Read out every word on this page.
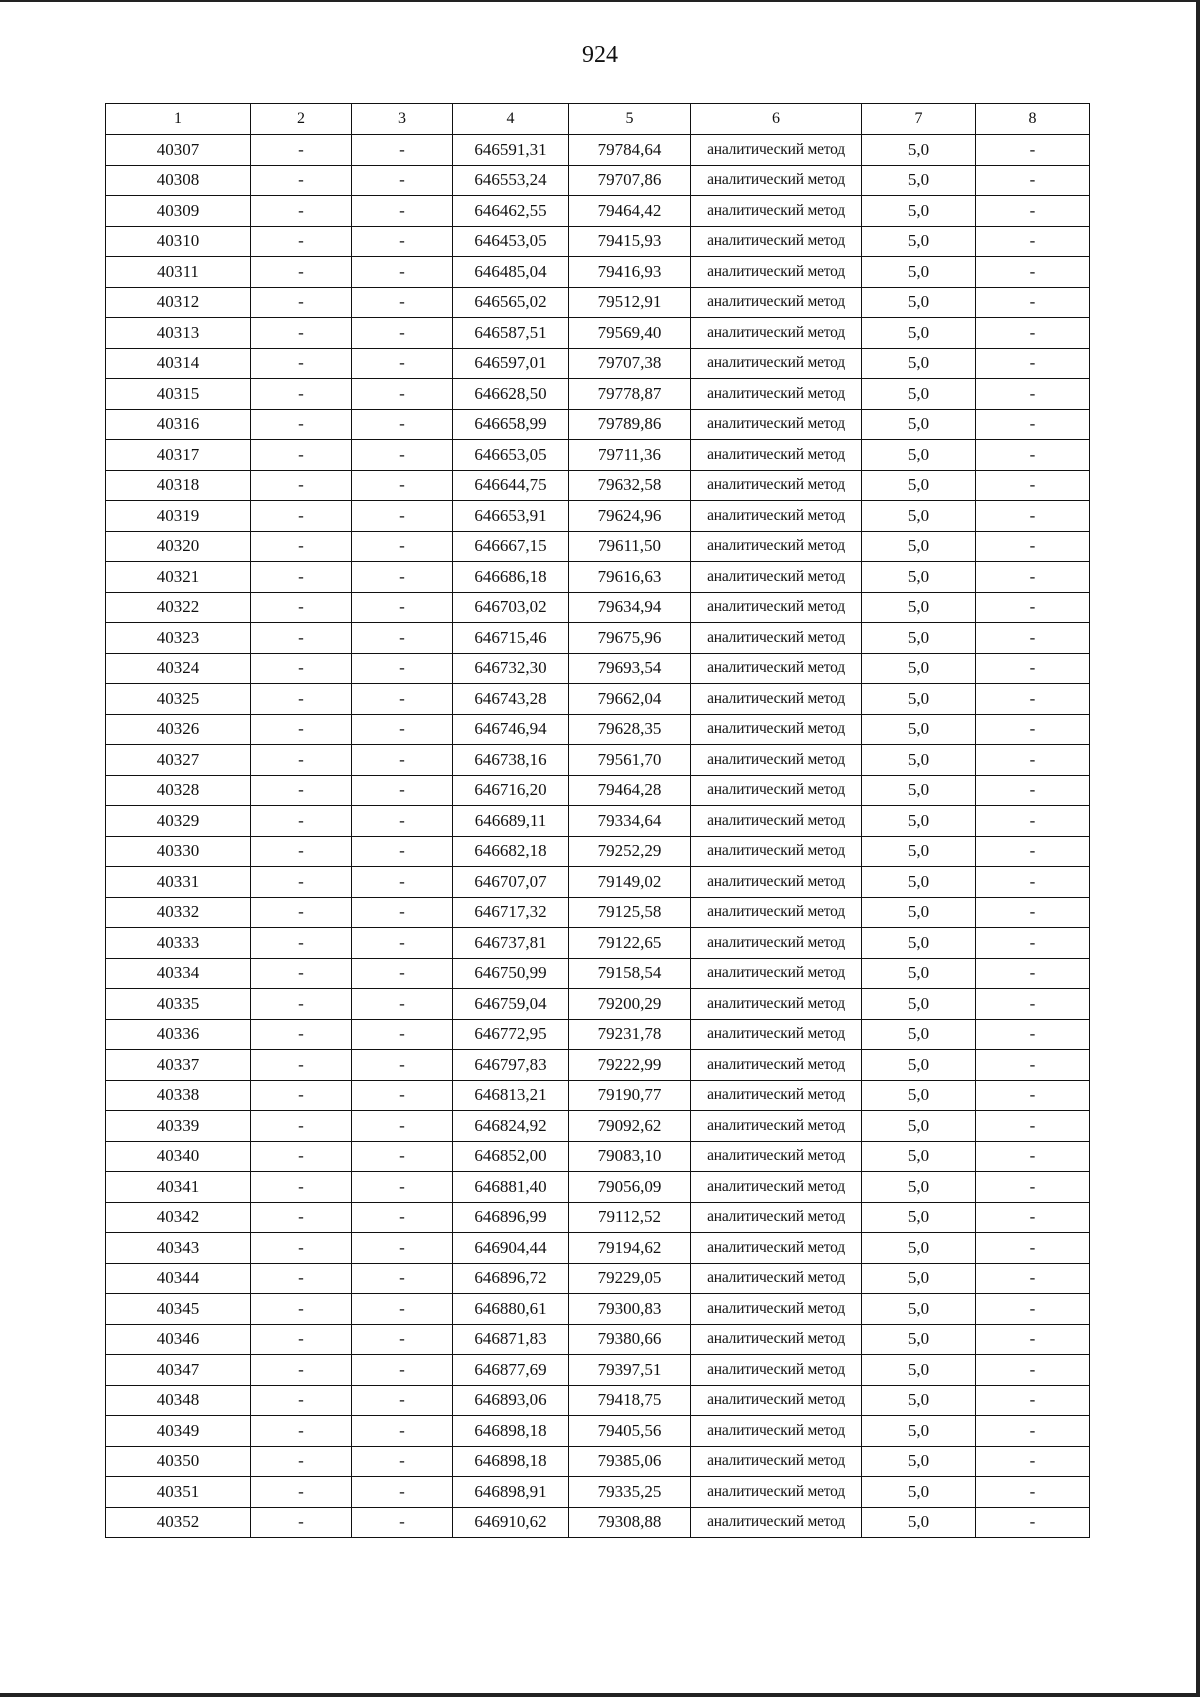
924
1	2	3	4	5	6	7	8
40307	-	-	646591,31	79784,64	аналитический метод	5,0	-
40308	-	-	646553,24	79707,86	аналитический метод	5,0	-
40309	-	-	646462,55	79464,42	аналитический метод	5,0	-
40310	-	-	646453,05	79415,93	аналитический метод	5,0	-
40311	-	-	646485,04	79416,93	аналитический метод	5,0	-
40312	-	-	646565,02	79512,91	аналитический метод	5,0	-
40313	-	-	646587,51	79569,40	аналитический метод	5,0	-
40314	-	-	646597,01	79707,38	аналитический метод	5,0	-
40315	-	-	646628,50	79778,87	аналитический метод	5,0	-
40316	-	-	646658,99	79789,86	аналитический метод	5,0	-
40317	-	-	646653,05	79711,36	аналитический метод	5,0	-
40318	-	-	646644,75	79632,58	аналитический метод	5,0	-
40319	-	-	646653,91	79624,96	аналитический метод	5,0	-
40320	-	-	646667,15	79611,50	аналитический метод	5,0	-
40321	-	-	646686,18	79616,63	аналитический метод	5,0	-
40322	-	-	646703,02	79634,94	аналитический метод	5,0	-
40323	-	-	646715,46	79675,96	аналитический метод	5,0	-
40324	-	-	646732,30	79693,54	аналитический метод	5,0	-
40325	-	-	646743,28	79662,04	аналитический метод	5,0	-
40326	-	-	646746,94	79628,35	аналитический метод	5,0	-
40327	-	-	646738,16	79561,70	аналитический метод	5,0	-
40328	-	-	646716,20	79464,28	аналитический метод	5,0	-
40329	-	-	646689,11	79334,64	аналитический метод	5,0	-
40330	-	-	646682,18	79252,29	аналитический метод	5,0	-
40331	-	-	646707,07	79149,02	аналитический метод	5,0	-
40332	-	-	646717,32	79125,58	аналитический метод	5,0	-
40333	-	-	646737,81	79122,65	аналитический метод	5,0	-
40334	-	-	646750,99	79158,54	аналитический метод	5,0	-
40335	-	-	646759,04	79200,29	аналитический метод	5,0	-
40336	-	-	646772,95	79231,78	аналитический метод	5,0	-
40337	-	-	646797,83	79222,99	аналитический метод	5,0	-
40338	-	-	646813,21	79190,77	аналитический метод	5,0	-
40339	-	-	646824,92	79092,62	аналитический метод	5,0	-
40340	-	-	646852,00	79083,10	аналитический метод	5,0	-
40341	-	-	646881,40	79056,09	аналитический метод	5,0	-
40342	-	-	646896,99	79112,52	аналитический метод	5,0	-
40343	-	-	646904,44	79194,62	аналитический метод	5,0	-
40344	-	-	646896,72	79229,05	аналитический метод	5,0	-
40345	-	-	646880,61	79300,83	аналитический метод	5,0	-
40346	-	-	646871,83	79380,66	аналитический метод	5,0	-
40347	-	-	646877,69	79397,51	аналитический метод	5,0	-
40348	-	-	646893,06	79418,75	аналитический метод	5,0	-
40349	-	-	646898,18	79405,56	аналитический метод	5,0	-
40350	-	-	646898,18	79385,06	аналитический метод	5,0	-
40351	-	-	646898,91	79335,25	аналитический метод	5,0	-
40352	-	-	646910,62	79308,88	аналитический метод	5,0	-
